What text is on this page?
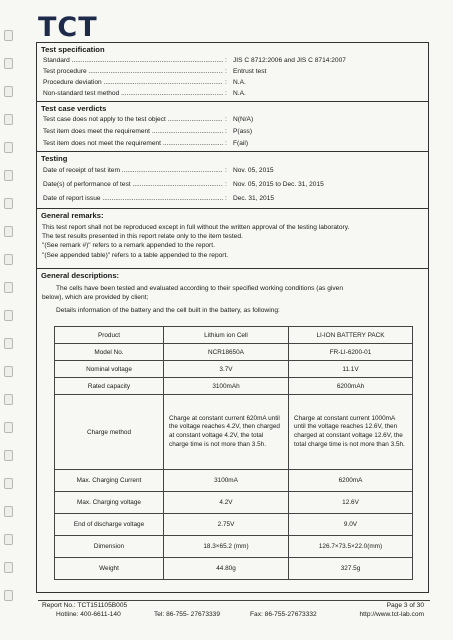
TCT
Test specification
Standard .....	: JIS C 8712:2006 and JIS C 8714:2007
Test procedure .....	: Entrust test
Procedure deviation .....	: N.A.
Non-standard test method .....	: N.A.
Test case verdicts
Test case does not apply to the test object .....	: N(N/A)
Test item does meet the requirement .....	: P(ass)
Test item does not meet the requirement .....	: F(ail)
Testing
Date of receipt of test item .....	: Nov. 05, 2015
Date(s) of performance of test .....	: Nov. 05, 2015 to Dec. 31, 2015
Date of report issue .....	: Dec. 31, 2015
General remarks:
This test report shall not be reproduced except in full without the written approval of the testing laboratory.
The test results presented in this report relate only to the item tested.
"(See remark #)" refers to a remark appended to the report.
"(See appended table)" refers to a table appended to the report.
General descriptions:
The cells have been tested and evaluated according to their specified working conditions (as given
below), which are provided by client;
Details information of the battery and the cell built in the battery, as following:
Product	Lithium ion Cell	LI-ION BATTERY PACK
Model No.	NCR18650A	FR-LI-6200-01
Nominal voltage	3.7V	11.1V
Rated capacity	3100mAh	6200mAh
Charge method	Charge at constant current 620mA until the voltage reaches 4.2V, then charged at constant voltage 4.2V, the total charge time is not more than 3.5h.	Charge at constant current 1000mA until the voltage reaches 12.6V, then charged at constant voltage 12.6V, the total charge time is not more than 3.5h.
Max. Charging Current	3100mA	6200mA
Max. Charging voltage	4.2V	12.6V
End of discharge voltage	2.75V	9.0V
Dimension	18.3×65.2 (mm)	126.7×73.5×22.0(mm)
Weight	44.80g	327.5g
Report No.: TCT151105B005	Page 3 of 30
Hotline: 400-6611-140	Tel: 86-755- 27673339	Fax: 86-755-27673332	http://www.tct-lab.com
